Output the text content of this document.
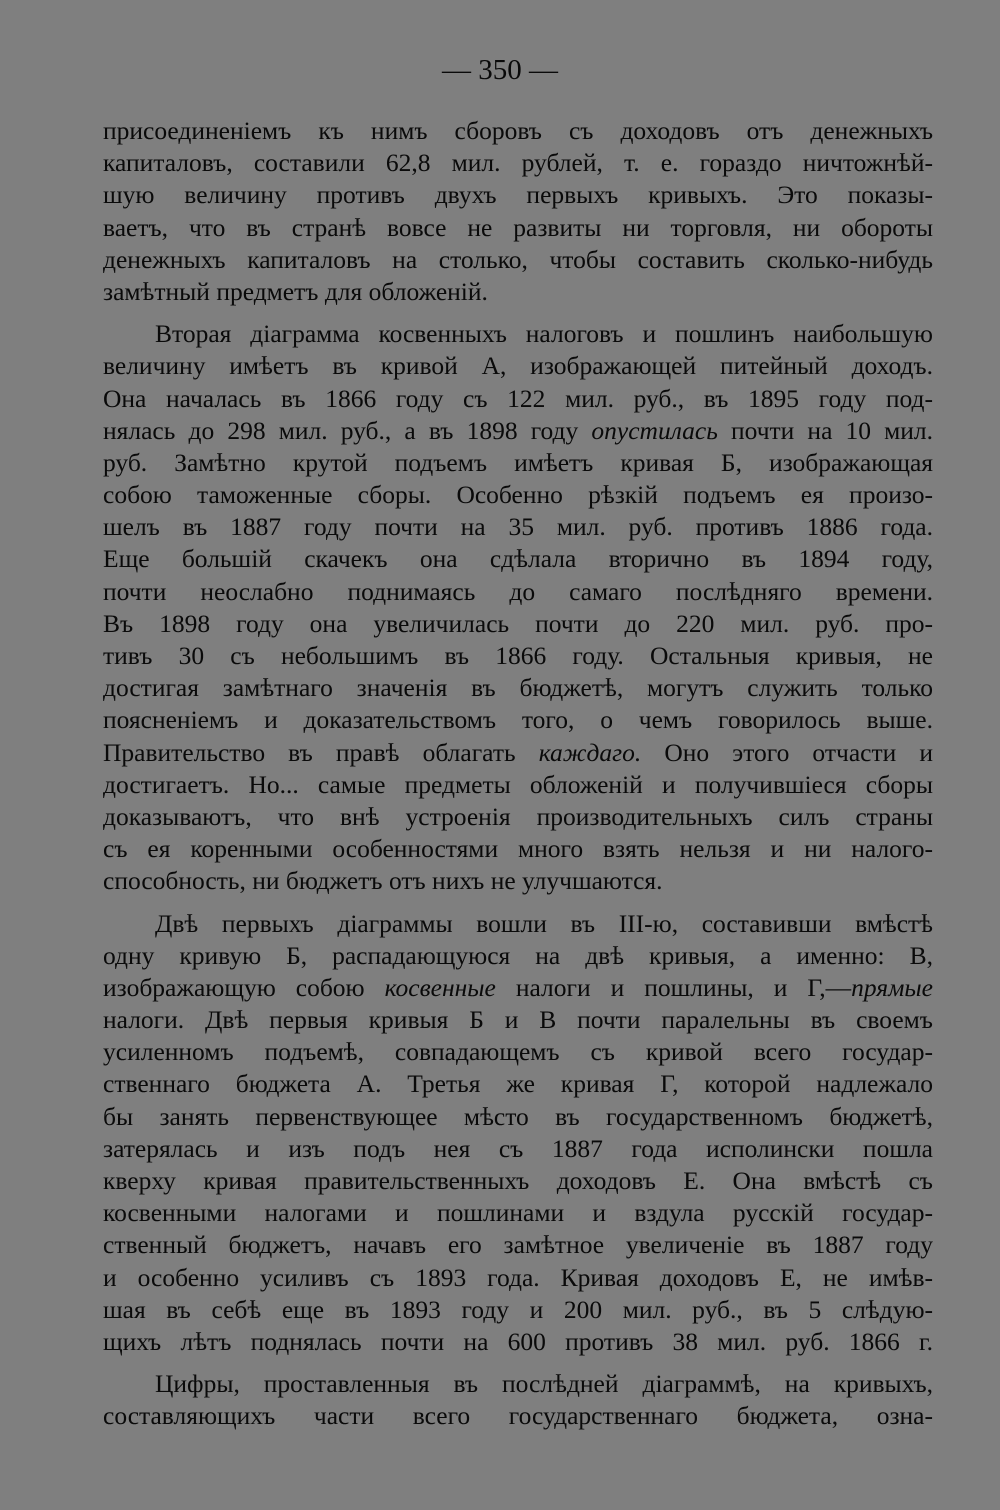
— 350 —
присоединеніемъ къ нимъ сборовъ съ доходовъ отъ денежныхъ
капиталовъ, составили 62,8 мил. рублей, т. е. гораздо ничтожнѣй-
шую величину противъ двухъ первыхъ кривыхъ. Это показы-
ваетъ, что въ странѣ вовсе не развиты ни торговля, ни обороты
денежныхъ капиталовъ на столько, чтобы составить сколько-нибудь
замѣтный предметъ для обложеній.
Вторая діаграмма косвенныхъ налоговъ и пошлинъ наибольшую
величину имѣетъ въ кривой А, изображающей питейный доходъ.
Она началась въ 1866 году съ 122 мил. руб., въ 1895 году под-
нялась до 298 мил. руб., а въ 1898 году опустилась почти на 10 мил.
руб. Замѣтно крутой подъемъ имѣетъ кривая Б, изображающая
собою таможенные сборы. Особенно рѣзкій подъемъ ея произо-
шелъ въ 1887 году почти на 35 мил. руб. противъ 1886 года.
Еще большій скачекъ она сдѣлала вторично въ 1894 году,
почти неослабно поднимаясь до самаго послѣдняго времени.
Въ 1898 году она увеличилась почти до 220 мил. руб. про-
тивъ 30 съ небольшимъ въ 1866 году. Остальныя кривыя, не
достигая замѣтнаго значенія въ бюджетѣ, могутъ служить только
поясненіемъ и доказательствомъ того, о чемъ говорилось выше.
Правительство въ правѣ облагать каждаго. Оно этого отчасти и
достигаетъ. Но... самые предметы обложеній и получившіеся сборы
доказываютъ, что внѣ устроенія производительныхъ силъ страны
съ ея коренными особенностями много взять нельзя и ни налого-
способность, ни бюджетъ отъ нихъ не улучшаются.
Двѣ первыхъ діаграммы вошли въ III-ю, составивши вмѣстѣ
одну кривую Б, распадающуюся на двѣ кривыя, а именно: В,
изображающую собою косвенные налоги и пошлины, и Г,—прямые
налоги. Двѣ первыя кривыя Б и В почти паралельны въ своемъ
усиленномъ подъемѣ, совпадающемъ съ кривой всего государ-
ственнаго бюджета А. Третья же кривая Г, которой надлежало
бы занять первенствующее мѣсто въ государственномъ бюджетѣ,
затерялась и изъ подъ нея съ 1887 года исполински пошла
кверху кривая правительственныхъ доходовъ Е. Она вмѣстѣ съ
косвенными налогами и пошлинами и вздула русскій государ-
ственный бюджетъ, начавъ его замѣтное увеличеніе въ 1887 году
и особенно усиливъ съ 1893 года. Кривая доходовъ Е, не имѣв-
шая въ себѣ еще въ 1893 году и 200 мил. руб., въ 5 слѣдую-
щихъ лѣтъ поднялась почти на 600 противъ 38 мил. руб. 1866 г.
Цифры, проставленныя въ послѣдней діаграммѣ, на кривыхъ,
составляющихъ части всего государственнаго бюджета, озна-
